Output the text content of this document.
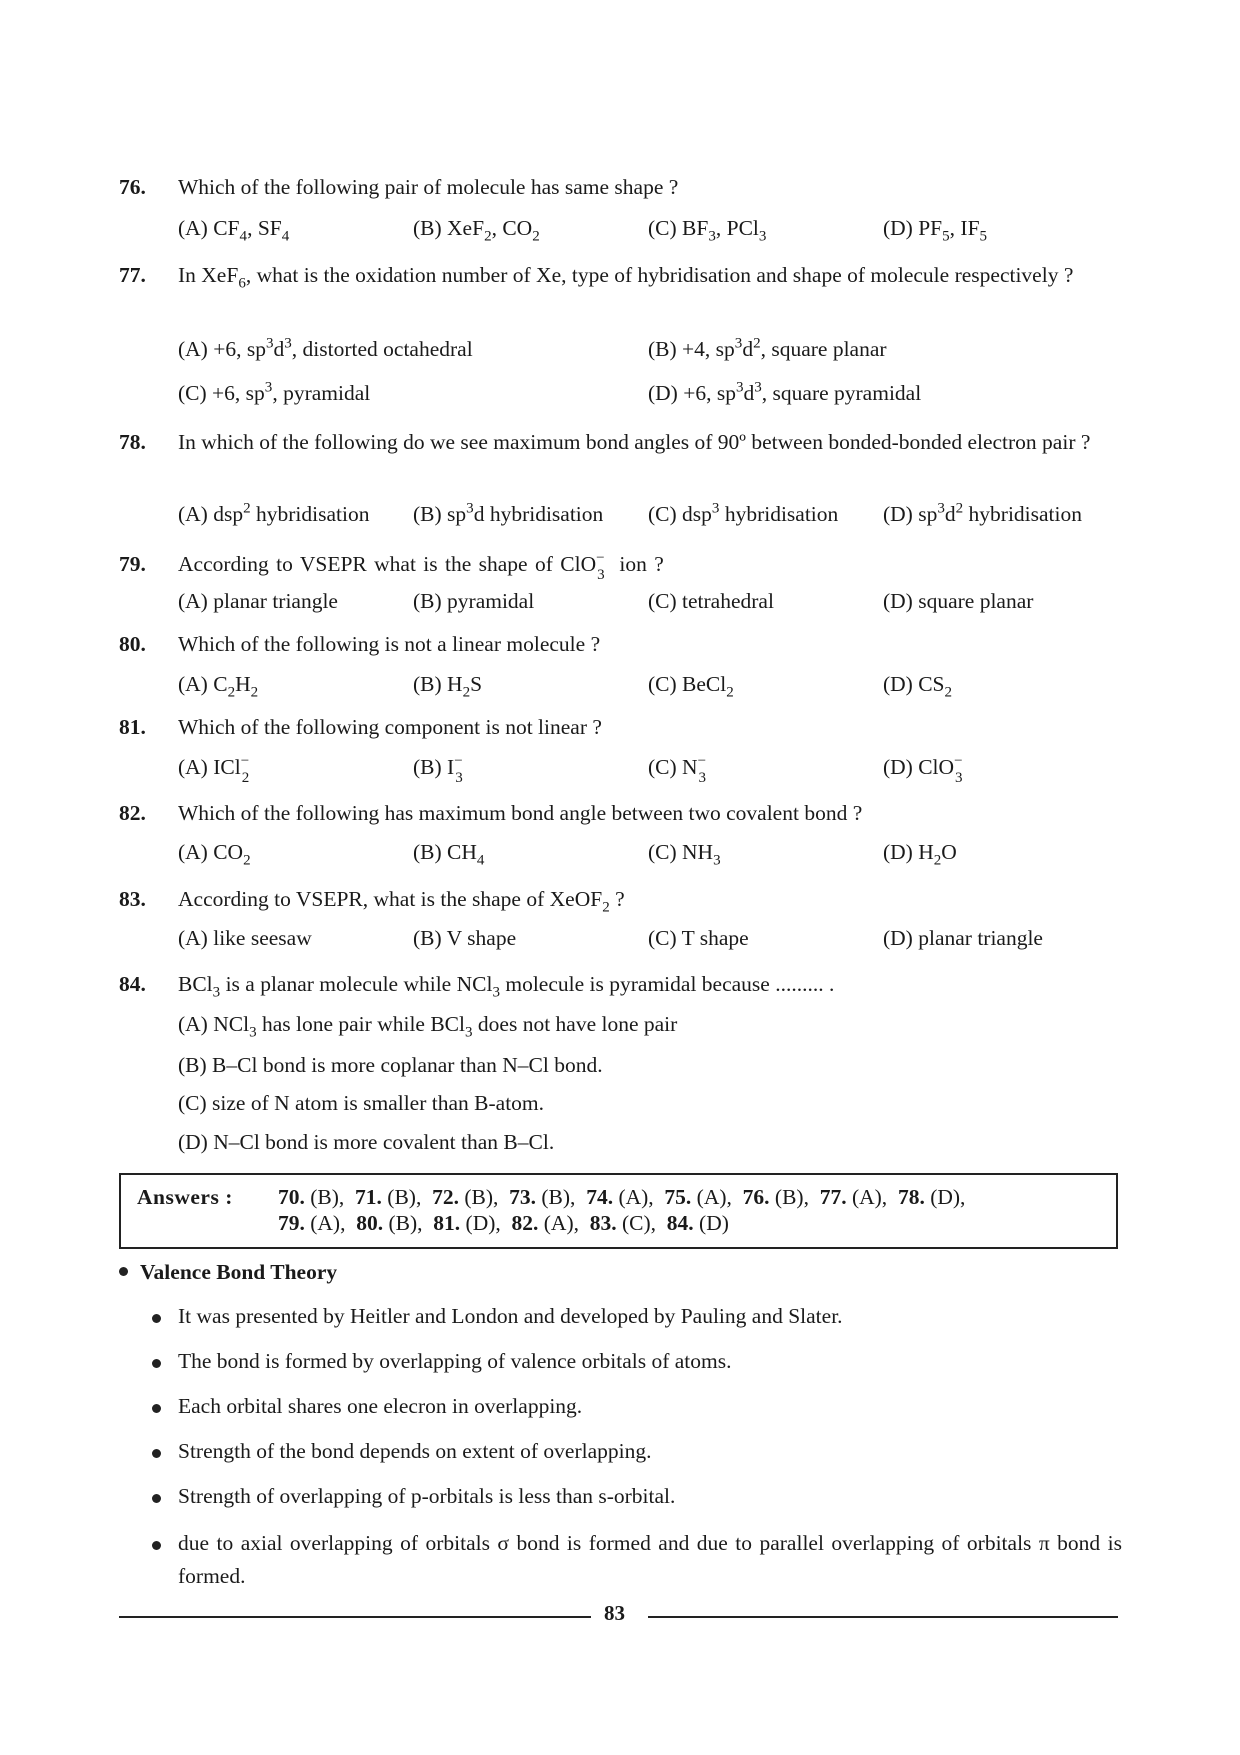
76. Which of the following pair of molecule has same shape ?
(A) $CF_4$, $SF_4$	(B) XeF$_2$, $CO_2$	(C) $BF_3$, PCl$_3$	(D) $PF_5$, $IF_5$
77. In XeF$_6$, what is the oxidation number of Xe, type of hybridisation and shape of molecule respectively ?
(A) +6, $sp^3d^3$, distorted octahedral	(B) +4, $sp^3d^2$, square planar
(C) +6, $sp^3$, pyramidal	(D) +6, $sp^3d^3$, square pyramidal
78. In which of the following do we see maximum bond angles of 90º between bonded-bonded electron pair ?
(A) dsp$^2$ hybridisation (B) $sp^3d$ hybridisation (C) dsp$^3$ hybridisation (D) $sp^3d^2$ hybridisation
79. According to VSEPR what is the shape of ClO−3 ion ?
(A) planar triangle	(B) pyramidal	(C) tetrahedral	(D) square planar
80. Which of the following is not a linear molecule ?
(A) $C_2H_2$	(B) $H_2S$	(C) BeCl$_2$	(D) $CS_2$
81. Which of the following component is not linear ?
(A) ICl−2	(B) I−3	(C) N−3	(D) ClO−3
82. Which of the following has maximum bond angle between two covalent bond ?
(A) $CO_2$	(B) $CH_4$	(C) $NH_3$	(D) $H_2O$
83. According to VSEPR, what is the shape of XeOF$_2$ ?
(A) like seesaw	(B) V shape	(C) T shape	(D) planar triangle
84. BCl$_3$ is a planar molecule while NCl$_3$ molecule is pyramidal because ......... .
(A) NCl$_3$ has lone pair while BCl$_3$ does not have lone pair
(B) B–Cl bond is more coplanar than N–Cl bond.
(C) size of N atom is smaller than B-atom.
(D) N–Cl bond is more covalent than B–Cl.
Answers : 70. (B), 71. (B), 72. (B), 73. (B), 74. (A), 75. (A), 76. (B), 77. (A), 78. (D),
79. (A), 80. (B), 81. (D), 82. (A), 83. (C), 84. (D)
Valence Bond Theory
It was presented by Heitler and London and developed by Pauling and Slater.
The bond is formed by overlapping of valence orbitals of atoms.
Each orbital shares one elecron in overlapping.
Strength of the bond depends on extent of overlapping.
Strength of overlapping of p-orbitals is less than s-orbital.
due to axial overlapping of orbitals σ bond is formed and due to parallel overlapping of orbitals π bond is formed.
83
